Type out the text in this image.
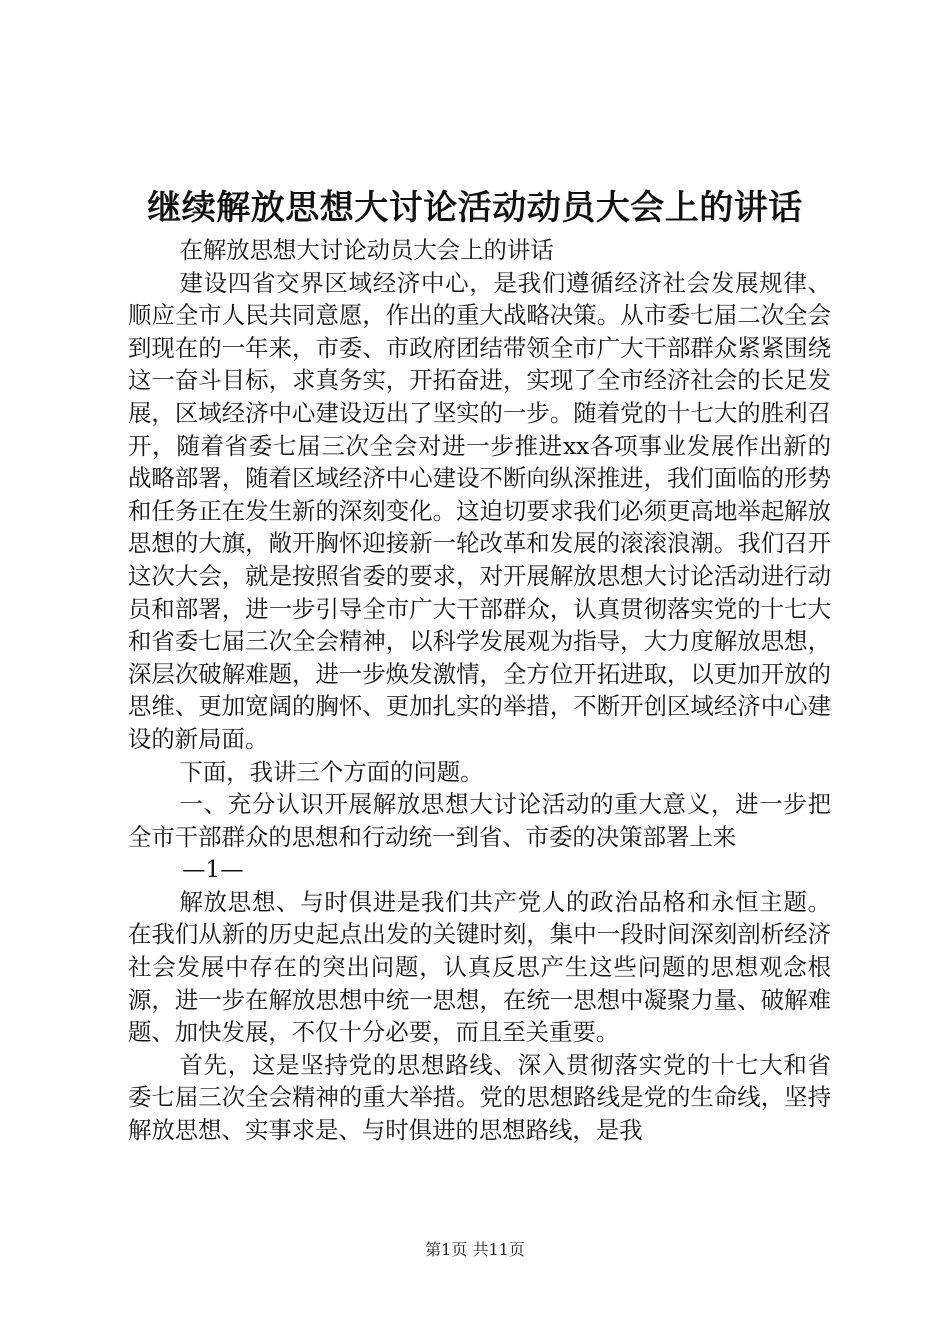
继续解放思想大讨论活动动员大会上的讲话

在解放思想大讨论动员大会上的讲话

建设四省交界区域经济中心，是我们遵循经济社会发展规律、顺应全市人民共同意愿，作出的重大战略决策。从市委七届二次全会到现在的一年来，市委、市政府团结带领全市广大干部群众紧紧围绕这一奋斗目标，求真务实，开拓奋进，实现了全市经济社会的长足发展，区域经济中心建设迈出了坚实的一步。随着党的十七大的胜利召开，随着省委七届三次全会对进一步推进xx各项事业发展作出新的战略部署，随着区域经济中心建设不断向纵深推进，我们面临的形势和任务正在发生新的深刻变化。这迫切要求我们必须更高地举起解放思想的大旗，敞开胸怀迎接新一轮改革和发展的滚滚浪潮。我们召开这次大会，就是按照省委的要求，对开展解放思想大讨论活动进行动员和部署，进一步引导全市广大干部群众，认真贯彻落实党的十七大和省委七届三次全会精神，以科学发展观为指导，大力度解放思想，深层次破解难题，进一步焕发激情，全方位开拓进取，以更加开放的思维、更加宽阔的胸怀、更加扎实的举措，不断开创区域经济中心建设的新局面。

下面，我讲三个方面的问题。

一、充分认识开展解放思想大讨论活动的重大意义，进一步把全市干部群众的思想和行动统一到省、市委的决策部署上来

—1—

解放思想、与时俱进是我们共产党人的政治品格和永恒主题。在我们从新的历史起点出发的关键时刻，集中一段时间深刻剖析经济社会发展中存在的突出问题，认真反思产生这些问题的思想观念根源，进一步在解放思想中统一思想，在统一思想中凝聚力量、破解难题、加快发展，不仅十分必要，而且至关重要。

首先，这是坚持党的思想路线、深入贯彻落实党的十七大和省委七届三次全会精神的重大举措。党的思想路线是党的生命线，坚持解放思想、实事求是、与时俱进的思想路线，是我

第1页 共11页
